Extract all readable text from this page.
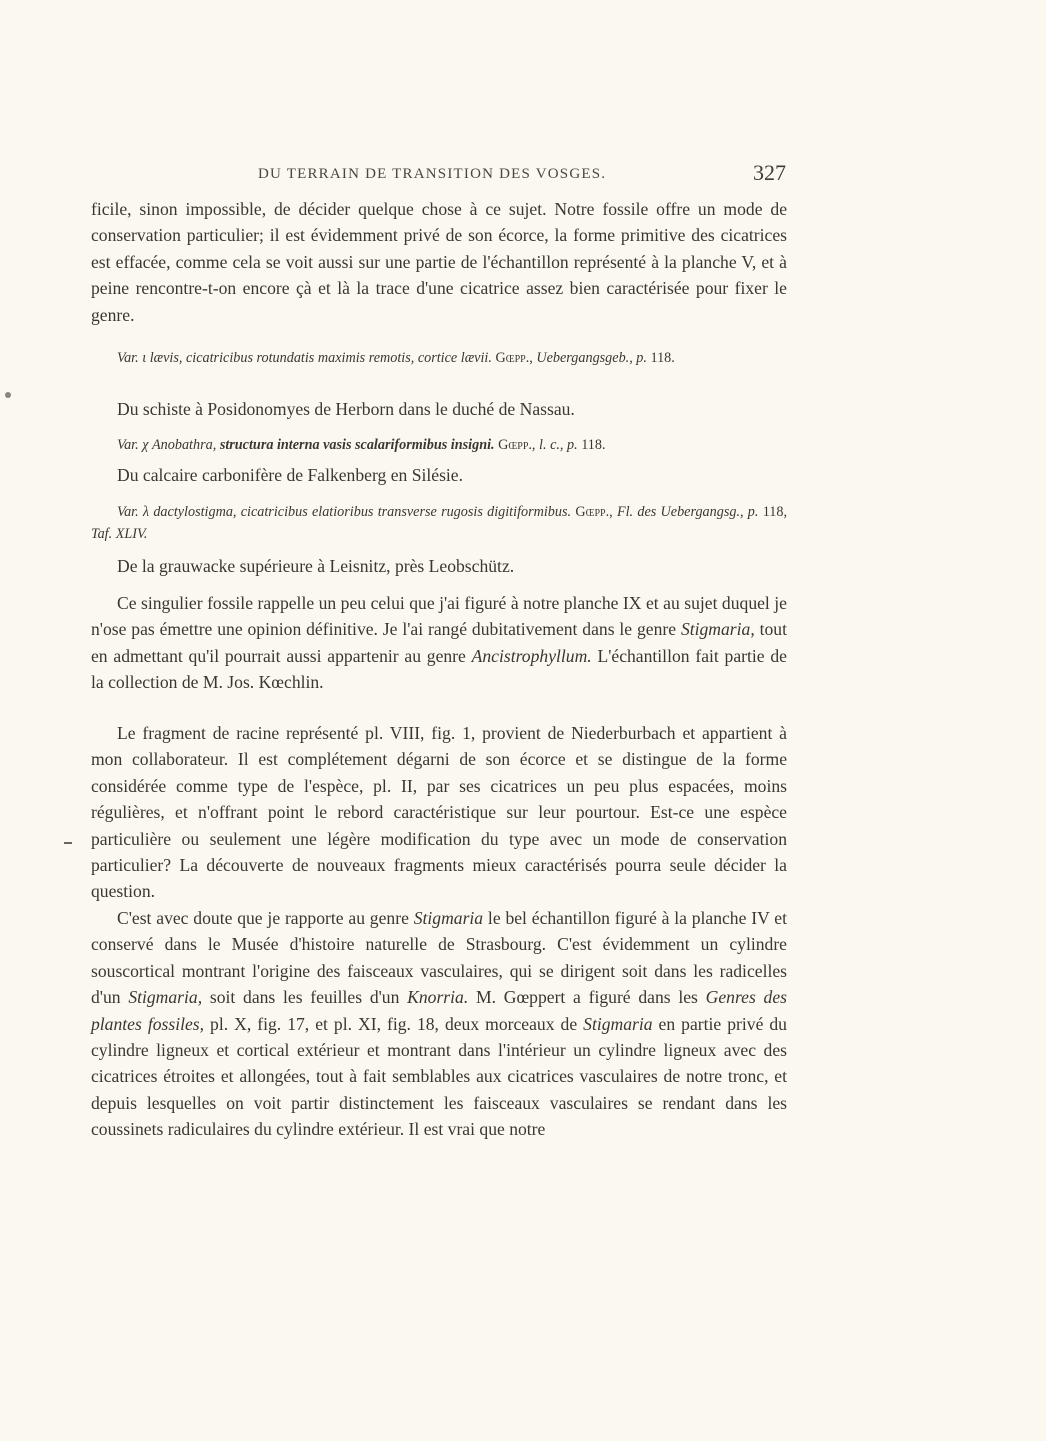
DU TERRAIN DE TRANSITION DES VOSGES.	327

ficile, sinon impossible, de décider quelque chose à ce sujet. Notre fossile offre un mode de conservation particulier; il est évidemment privé de son écorce, la forme primitive des cicatrices est effacée, comme cela se voit aussi sur une partie de l'échantillon représenté à la planche V, et à peine rencontre-t-on encore çà et là la trace d'une cicatrice assez bien caractérisée pour fixer le genre.

Var. ι lævis, cicatricibus rotundatis maximis remotis, cortice lævii. Gœpp., Uebergangsgeb., p. 118.

Du schiste à Posidonomyes de Herborn dans le duché de Nassau.

Var. χ Anobathra, structura interna vasis scalariformibus insigni. Gœpp., l. c., p. 118.

Du calcaire carbonifère de Falkenberg en Silésie.

Var. λ dactylostigma, cicatricibus elatioribus transverse rugosis digitiformibus. Gœpp., Fl. des Uebergangsg., p. 118, Taf. XLIV.

De la grauwacke supérieure à Leisnitz, près Leobschütz.

Ce singulier fossile rappelle un peu celui que j'ai figuré à notre planche IX et au sujet duquel je n'ose pas émettre une opinion définitive. Je l'ai rangé dubitativement dans le genre Stigmaria, tout en admettant qu'il pourrait aussi appartenir au genre Ancistrophyllum. L'échantillon fait partie de la collection de M. Jos. Kœchlin.

Le fragment de racine représenté pl. VIII, fig. 1, provient de Niederburbach et appartient à mon collaborateur. Il est complétement dégarni de son écorce et se distingue de la forme considérée comme type de l'espèce, pl. II, par ses cicatrices un peu plus espacées, moins régulières, et n'offrant point le rebord caractéristique sur leur pourtour. Est-ce une espèce particulière ou seulement une légère modification du type avec un mode de conservation particulier? La découverte de nouveaux fragments mieux caractérisés pourra seule décider la question.

C'est avec doute que je rapporte au genre Stigmaria le bel échantillon figuré à la planche IV et conservé dans le Musée d'histoire naturelle de Strasbourg. C'est évidemment un cylindre souscortical montrant l'origine des faisceaux vasculaires, qui se dirigent soit dans les radicelles d'un Stigmaria, soit dans les feuilles d'un Knorria. M. Gœppert a figuré dans les Genres des plantes fossiles, pl. X, fig. 17, et pl. XI, fig. 18, deux morceaux de Stigmaria en partie privé du cylindre ligneux et cortical extérieur et montrant dans l'intérieur un cylindre ligneux avec des cicatrices étroites et allongées, tout à fait semblables aux cicatrices vasculaires de notre tronc, et depuis lesquelles on voit partir distinctement les faisceaux vasculaires se rendant dans les coussinets radiculaires du cylindre extérieur. Il est vrai que notre
